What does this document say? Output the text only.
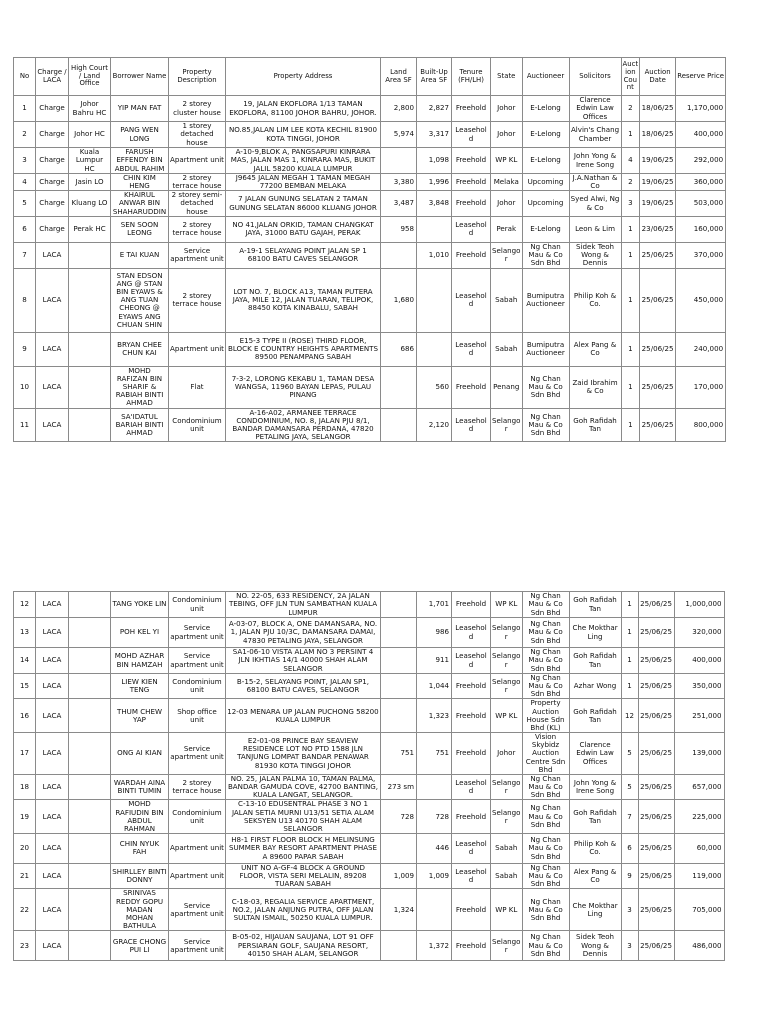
No	Charge / LACA	High Court / Land Office	Borrower Name	Property Description	Property Address	Land Area SF	Built-Up Area SF	Tenure (FH/LH)	State	Auctioneer	Solicitors	Auct ion Cou nt	Auction Date	Reserve Price
1	Charge	Johor Bahru HC	YIP MAN FAT	2 storey cluster house	19, JALAN EKOFLORA 1/13 TAMAN EKOFLORA, 81100 JOHOR BAHRU, JOHOR.	2,800	2,827	Freehold	Johor	E-Lelong	Clarence Edwin Law Offices	2	18/06/25	1,170,000
2	Charge	Johor HC	PANG WEN LONG	1 storey detached house	NO.85,JALAN LIM LEE KOTA KECHIL 81900 KOTA TINGGI, JOHOR	5,974	3,317	Leasehol d	Johor	E-Lelong	Alvin's Chang Chamber	1	18/06/25	400,000
3	Charge	Kuala Lumpur HC	FARUSH EFFENDY BIN ABDUL RAHIM	Apartment unit	A-10-9,BLOK A, PANGSAPURI KINRARA MAS, JALAN MAS 1, KINRARA MAS, BUKIT JALIL 58200 KUALA LUMPUR		1,098	Freehold	WP KL	E-Lelong	John Yong & Irene Song	4	19/06/25	292,000
4	Charge	Jasin LO	CHIN KIM HENG	2 storey terrace house	J9645 JALAN MEGAH 1 TAMAN MEGAH 77200 BEMBAN MELAKA	3,380	1,996	Freehold	Melaka	Upcoming	J.A.Nathan & Co	2	19/06/25	360,000
5	Charge	Kluang LO	KHAIRUL ANWAR BIN SHAHARUDDIN	2 storey semi-detached house	7 JALAN GUNUNG SELATAN 2 TAMAN GUNUNG SELATAN 86000 KLUANG JOHOR	3,487	3,848	Freehold	Johor	Upcoming	Syed Alwi, Ng & Co	3	19/06/25	503,000
6	Charge	Perak HC	SEN SOON LEONG	2 storey terrace house	NO 41,JALAN ORKID, TAMAN CHANGKAT JAYA, 31000 BATU GAJAH, PERAK	958		Leasehol d	Perak	E-Lelong	Leon & Lim	1	23/06/25	160,000
7	LACA		E TAI KUAN	Service apartment unit	A-19-1 SELAYANG POINT JALAN SP 1 68100 BATU CAVES SELANGOR		1,010	Freehold	Selango r	Ng Chan Mau & Co Sdn Bhd	Sidek Teoh Wong & Dennis	1	25/06/25	370,000
8	LACA		STAN EDSON ANG @ STAN BIN EYAWS & ANG TUAN CHEONG @ EYAWS ANG CHUAN SHIN	2 storey terrace house	LOT NO. 7, BLOCK A13, TAMAN PUTERA JAYA, MILE 12, JALAN TUARAN, TELIPOK, 88450 KOTA KINABALU, SABAH	1,680		Leasehol d	Sabah	Bumiputra Auctioneer	Philip Koh & Co.	1	25/06/25	450,000
9	LACA		BRYAN CHEE CHUN KAI	Apartment unit	E15-3 TYPE II (ROSE) THIRD FLOOR, BLOCK E COUNTRY HEIGHTS APARTMENTS 89500 PENAMPANG SABAH	686		Leasehol d	Sabah	Bumiputra Auctioneer	Alex Pang & Co	1	25/06/25	240,000
10	LACA		MOHD RAFIZAN BIN SHARIF & RABIAH BINTI AHMAD	Flat	7-3-2, LORONG KEKABU 1, TAMAN DESA WANGSA, 11960 BAYAN LEPAS, PULAU PINANG		560	Freehold	Penang	Ng Chan Mau & Co Sdn Bhd	Zaid Ibrahim & Co	1	25/06/25	170,000
11	LACA		SA'IDATUL BARIAH BINTI AHMAD	Condominium unit	A-16-A02, ARMANEE TERRACE CONDOMINIUM, NO. 8, JALAN PJU 8/1, BANDAR DAMANSARA PERDANA, 47820 PETALING JAYA, SELANGOR		2,120	Leasehol d	Selango r	Ng Chan Mau & Co Sdn Bhd	Goh Rafidah Tan	1	25/06/25	800,000
12	LACA		TANG YOKE LIN	Condominium unit	NO. 22-05, 633 RESIDENCY, 2A JALAN TEBING, OFF JLN TUN SAMBATHAN KUALA LUMPUR		1,701	Freehold	WP KL	Ng Chan Mau & Co Sdn Bhd	Goh Rafidah Tan	1	25/06/25	1,000,000
13	LACA		POH KEL YI	Service apartment unit	A-03-07, BLOCK A, ONE DAMANSARA, NO. 1, JALAN PJU 10/3C, DAMANSARA DAMAI, 47830 PETALING JAYA, SELANGOR		986	Leasehol d	Selango r	Ng Chan Mau & Co Sdn Bhd	Che Mokthar Ling	1	25/06/25	320,000
14	LACA		MOHD AZHAR BIN HAMZAH	Service apartment unit	SA1-06-10 VISTA ALAM NO 3 PERSINT 4 JLN IKHTIAS 14/1 40000 SHAH ALAM SELANGOR		911	Leasehol d	Selango r	Ng Chan Mau & Co Sdn Bhd	Goh Rafidah Tan	1	25/06/25	400,000
15	LACA		LIEW KIEN TENG	Condominium unit	B-15-2, SELAYANG POINT, JALAN SP1, 68100 BATU CAVES, SELANGOR		1,044	Freehold	Selango r	Ng Chan Mau & Co Sdn Bhd	Azhar Wong	1	25/06/25	350,000
16	LACA		THUM CHEW YAP	Shop office unit	12-03 MENARA UP JALAN PUCHONG 58200 KUALA LUMPUR		1,323	Freehold	WP KL	Property Auction House Sdn Bhd (KL)	Goh Rafidah Tan	12	25/06/25	251,000
17	LACA		ONG AI KIAN	Service apartment unit	E2-01-08 PRINCE BAY SEAVIEW RESIDENCE LOT NO PTD 1588 JLN TANJUNG LOMPAT BANDAR PENAWAR 81930 KOTA TINGGI JOHOR	751	751	Freehold	Johor	Vision Skybidz Auction Centre Sdn Bhd	Clarence Edwin Law Offices	5	25/06/25	139,000
18	LACA		WARDAH AINA BINTI TUMIN	2 storey terrace house	NO. 25, JALAN PALMA 10, TAMAN PALMA, BANDAR GAMUDA COVE, 42700 BANTING, KUALA LANGAT, SELANGOR.	273 sm		Leasehol d	Selango r	Ng Chan Mau & Co Sdn Bhd	John Yong & Irene Song	5	25/06/25	657,000
19	LACA		MOHD RAFIUDIN BIN ABDUL RAHMAN	Condominium unit	C-13-10 EDUSENTRAL PHASE 3 NO 1 JALAN SETIA MURNI U13/51 SETIA ALAM SEKSYEN U13 40170 SHAH ALAM SELANGOR	728	728	Freehold	Selango r	Ng Chan Mau & Co Sdn Bhd	Goh Rafidah Tan	7	25/06/25	225,000
20	LACA		CHIN NYUK FAH	Apartment unit	H8-1 FIRST FLOOR BLOCK H MELINSUNG SUMMER BAY RESORT APARTMENT PHASE A 89600 PAPAR SABAH		446	Leasehol d	Sabah	Ng Chan Mau & Co Sdn Bhd	Philip Koh & Co.	6	25/06/25	60,000
21	LACA		SHIRLLEY BINTI DONNY	Apartment unit	UNIT NO A-GF-4 BLOCK A GROUND FLOOR, VISTA SERI MELALIN, 89208 TUARAN SABAH	1,009	1,009	Leasehol d	Sabah	Ng Chan Mau & Co Sdn Bhd	Alex Pang & Co	9	25/06/25	119,000
22	LACA		SRINIVAS REDDY GOPU MADAN MOHAN BATHULA	Service apartment unit	C-18-03, REGALIA SERVICE APARTMENT, NO.2, JALAN ANJUNG PUTRA, OFF JALAN SULTAN ISMAIL, 50250 KUALA LUMPUR.	1,324		Freehold	WP KL	Ng Chan Mau & Co Sdn Bhd	Che Mokthar Ling	3	25/06/25	705,000
23	LACA		GRACE CHONG PUI LI	Service apartment unit	B-05-02, HIJAUAN SAUJANA, LOT 91 OFF PERSIARAN GOLF, SAUJANA RESORT, 40150 SHAH ALAM, SELANGOR		1,372	Freehold	Selango r	Ng Chan Mau & Co Sdn Bhd	Sidek Teoh Wong & Dennis	3	25/06/25	486,000
